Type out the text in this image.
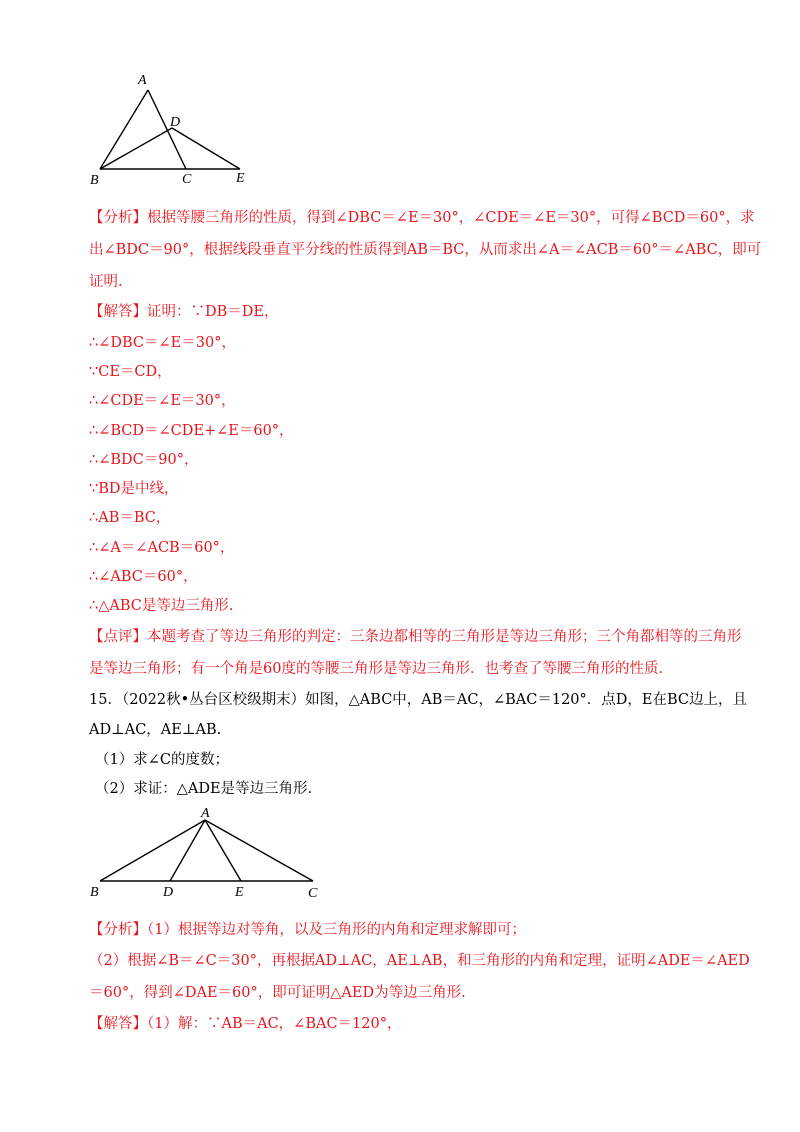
A
D
B	C	E
【分析】根据等腰三角形的性质，得到∠DBC＝∠E＝30°，∠CDE＝∠E＝30°，可得∠BCD＝60°，求
出∠BDC＝90°，根据线段垂直平分线的性质得到AB＝BC，从而求出∠A＝∠ACB＝60°＝∠ABC，即可
证明.
【解答】证明：∵DB＝DE，
∴∠DBC＝∠E＝30°，
∵CE＝CD，
∴∠CDE＝∠E＝30°，
∴∠BCD＝∠CDE+∠E＝60°，
∴∠BDC＝90°，
∵BD是中线，
∴AB＝BC，
∴∠A＝∠ACB＝60°，
∴∠ABC＝60°，
∴△ABC是等边三角形.
【点评】本题考查了等边三角形的判定：三条边都相等的三角形是等边三角形；三个角都相等的三角形
是等边三角形；有一个角是60度的等腰三角形是等边三角形．也考查了等腰三角形的性质.
15．（2022秋•丛台区校级期末）如图，△ABC中，AB＝AC，∠BAC＝120°．点D，E在BC边上，且
AD⊥AC，AE⊥AB.
（1）求∠C的度数；
（2）求证：△ADE是等边三角形.
A
B	D	E	C
【分析】（1）根据等边对等角，以及三角形的内角和定理求解即可；
（2）根据∠B＝∠C＝30°，再根据AD⊥AC，AE⊥AB，和三角形的内角和定理，证明∠ADE＝∠AED
＝60°，得到∠DAE＝60°，即可证明△AED为等边三角形.
【解答】（1）解：∵AB＝AC，∠BAC＝120°，
